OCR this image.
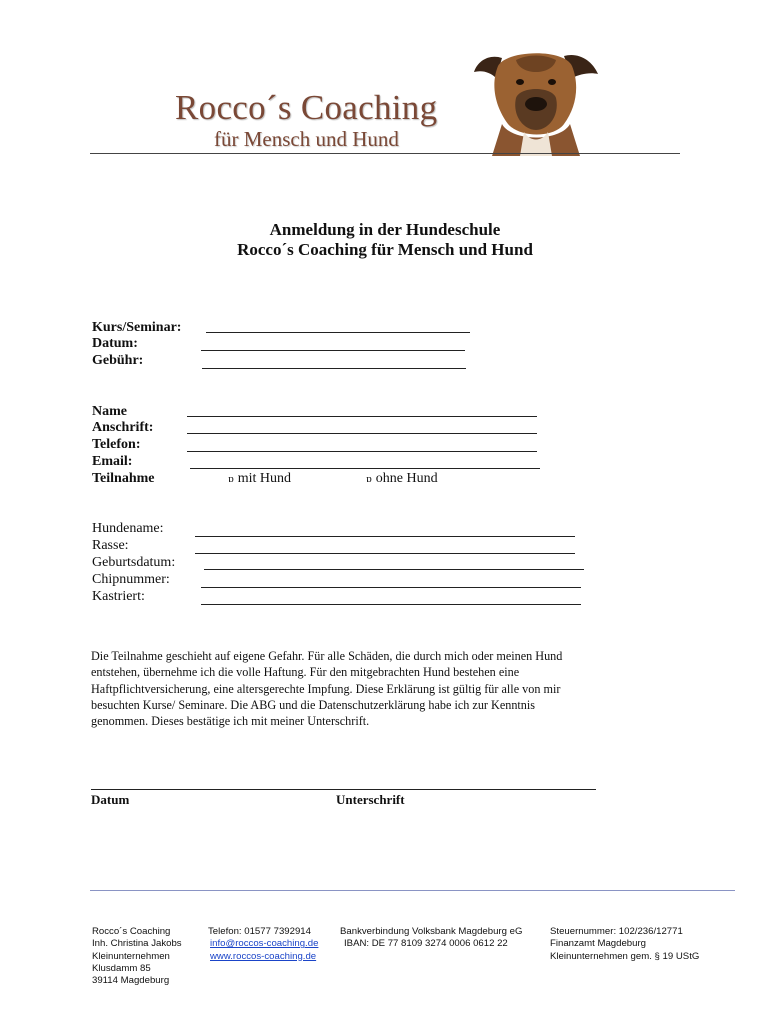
Rocco´s Coaching
für Mensch und Hund
Anmeldung in der Hundeschule
Rocco´s Coaching für Mensch und Hund
Kurs/Seminar:
Datum:
Gebühr:
Name
Anschrift:
Telefon:
Email:
Teilnahme	ɒ mit Hund	ɒ ohne Hund
Hundename:
Rasse:
Geburtsdatum:
Chipnummer:
Kastriert:
Die Teilnahme geschieht auf eigene Gefahr. Für alle Schäden, die durch mich oder meinen Hund
entstehen, übernehme ich die volle Haftung. Für den mitgebrachten Hund bestehen eine
Haftpflichtversicherung, eine altersgerechte Impfung. Diese Erklärung ist gültig für alle von mir
besuchten Kurse/ Seminare. Die ABG und die Datenschutzerklärung habe ich zur Kenntnis
genommen. Dieses bestätige ich mit meiner Unterschrift.
Datum	Unterschrift
Rocco´s Coaching
Inh. Christina Jakobs
Kleinunternehmen
Klusdamm 85
39114 Magdeburg
Telefon: 01577 7392914
info@roccos-coaching.de
www.roccos-coaching.de
Bankverbindung Volksbank Magdeburg eG
IBAN: DE 77 8109 3274 0006 0612 22
Steuernummer: 102/236/12771
Finanzamt Magdeburg
Kleinunternehmen gem. § 19 UStG
